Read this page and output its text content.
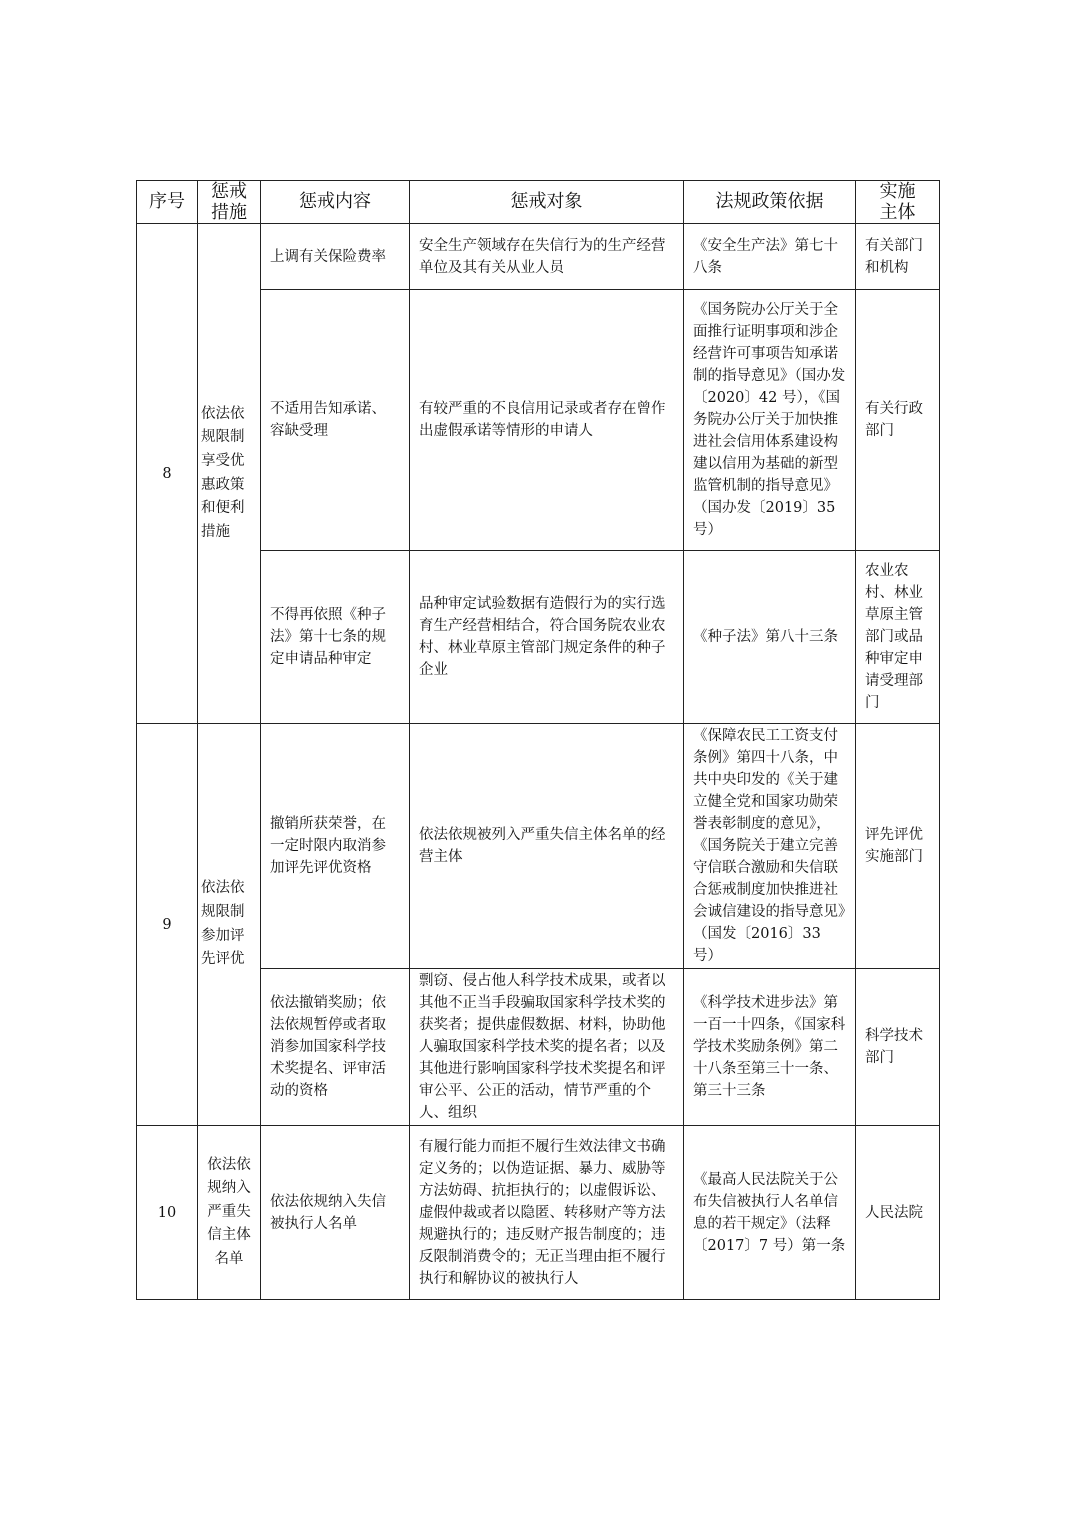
序号	惩戒措施	惩戒内容	惩戒对象	法规政策依据	实施主体

8	依法依规限制享受优惠政策和便利措施	上调有关保险费率	安全生产领域存在失信行为的生产经营单位及其有关从业人员	《安全生产法》第七十八条	有关部门和机构

		不适用告知承诺、容缺受理	有较严重的不良信用记录或者存在曾作出虚假承诺等情形的申请人	《国务院办公厅关于全面推行证明事项和涉企经营许可事项告知承诺制的指导意见》（国办发〔2020〕42 号），《国务院办公厅关于加快推进社会信用体系建设构建以信用为基础的新型监管机制的指导意见》（国办发〔2019〕35 号）	有关行政部门

		不得再依照《种子法》第十七条的规定申请品种审定	品种审定试验数据有造假行为的实行选育生产经营相结合，符合国务院农业农村、林业草原主管部门规定条件的种子企业	《种子法》第八十三条	农业农村、林业草原主管部门或品种审定申请受理部门

9	依法依规限制参加评先评优	撤销所获荣誉，在一定时限内取消参加评先评优资格	依法依规被列入严重失信主体名单的经营主体	《保障农民工工资支付条例》第四十八条，中共中央印发的《关于建立健全党和国家功勋荣誉表彰制度的意见》，《国务院关于建立完善守信联合激励和失信联合惩戒制度加快推进社会诚信建设的指导意见》（国发〔2016〕33 号）	评先评优实施部门

		依法撤销奖励；依法依规暂停或者取消参加国家科学技术奖提名、评审活动的资格	剽窃、侵占他人科学技术成果，或者以其他不正当手段骗取国家科学技术奖的获奖者；提供虚假数据、材料，协助他人骗取国家科学技术奖的提名者；以及其他进行影响国家科学技术奖提名和评审公平、公正的活动，情节严重的个人、组织	《科学技术进步法》第一百一十四条，《国家科学技术奖励条例》第二十八条至第三十一条、第三十三条	科学技术部门

10	依法依规纳入严重失信主体名单	依法依规纳入失信被执行人名单	有履行能力而拒不履行生效法律文书确定义务的；以伪造证据、暴力、威胁等方法妨碍、抗拒执行的；以虚假诉讼、虚假仲裁或者以隐匿、转移财产等方法规避执行的；违反财产报告制度的；违反限制消费令的；无正当理由拒不履行执行和解协议的被执行人	《最高人民法院关于公布失信被执行人名单信息的若干规定》（法释〔2017〕7 号）第一条	人民法院
